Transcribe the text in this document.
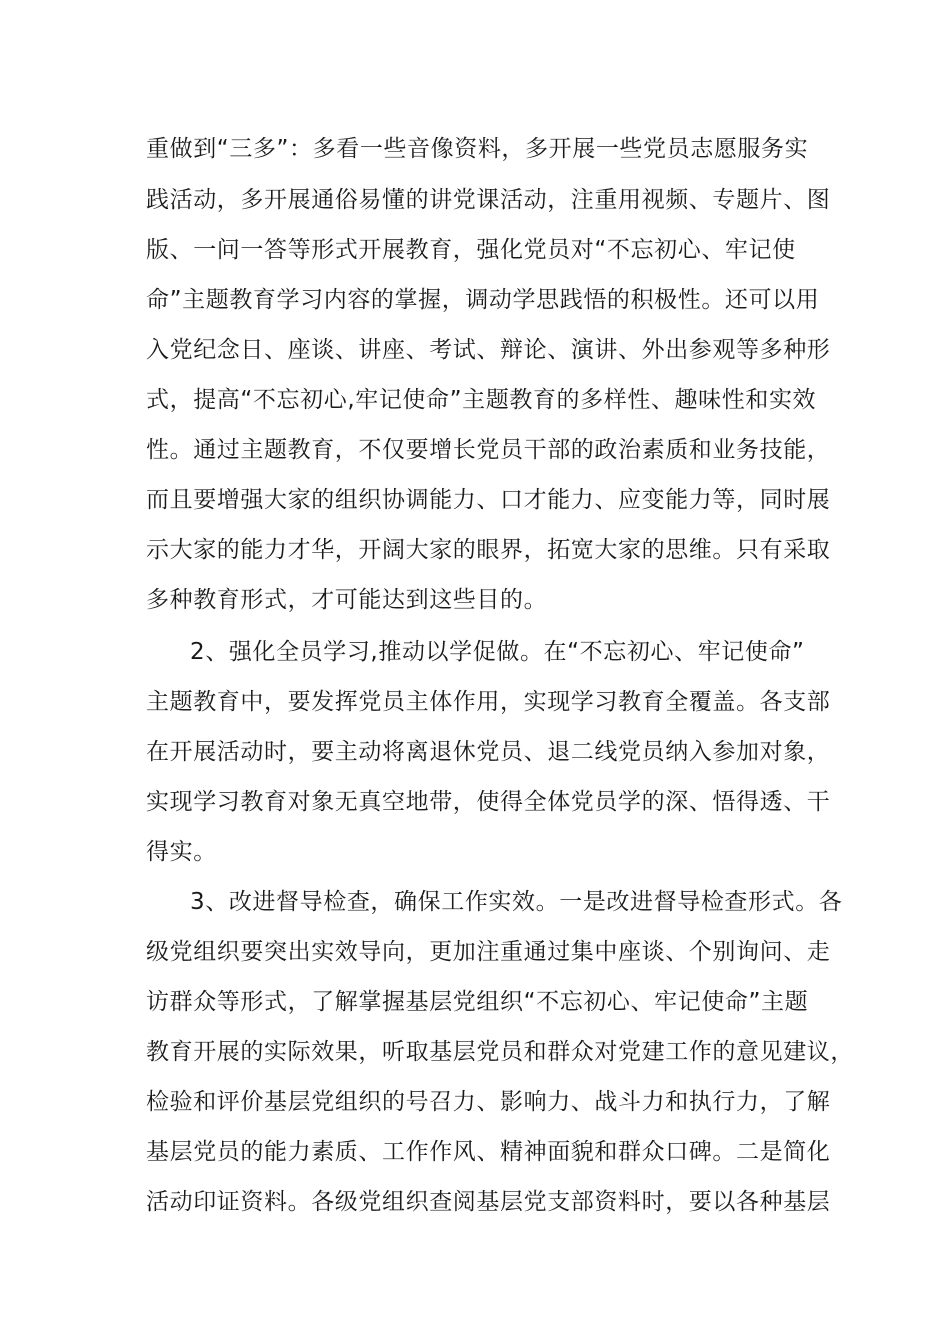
重做到“三多”：多看一些音像资料，多开展一些党员志愿服务实
践活动，多开展通俗易懂的讲党课活动，注重用视频、专题片、图
版、一问一答等形式开展教育，强化党员对“不忘初心、牢记使
命”主题教育学习内容的掌握，调动学思践悟的积极性。还可以用
入党纪念日、座谈、讲座、考试、辩论、演讲、外出参观等多种形
式，提高“不忘初心,牢记使命”主题教育的多样性、趣味性和实效
性。通过主题教育，不仅要增长党员干部的政治素质和业务技能，
而且要增强大家的组织协调能力、口才能力、应变能力等，同时展
示大家的能力才华，开阔大家的眼界，拓宽大家的思维。只有采取
多种教育形式，才可能达到这些目的。
2、强化全员学习,推动以学促做。在“不忘初心、牢记使命”
主题教育中，要发挥党员主体作用，实现学习教育全覆盖。各支部
在开展活动时，要主动将离退休党员、退二线党员纳入参加对象，
实现学习教育对象无真空地带，使得全体党员学的深、悟得透、干
得实。
3、改进督导检查，确保工作实效。一是改进督导检查形式。各
级党组织要突出实效导向，更加注重通过集中座谈、个别询问、走
访群众等形式，了解掌握基层党组织“不忘初心、牢记使命”主题
教育开展的实际效果，听取基层党员和群众对党建工作的意见建议，
检验和评价基层党组织的号召力、影响力、战斗力和执行力，了解
基层党员的能力素质、工作作风、精神面貌和群众口碑。二是简化
活动印证资料。各级党组织查阅基层党支部资料时，要以各种基层
